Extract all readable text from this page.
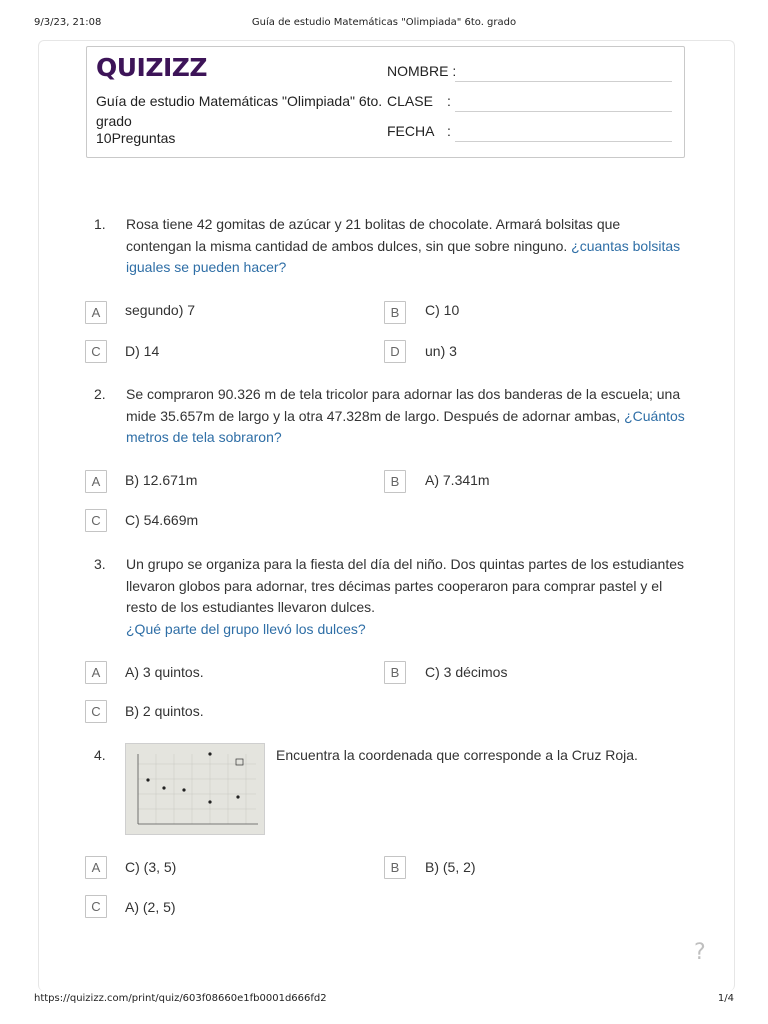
9/3/23, 21:08	Guía de estudio Matemáticas "Olimpiada" 6to. grado
QUIZIZZ
Guía de estudio Matemáticas "Olimpiada" 6to. grado
10Preguntas
NOMBRE :
CLASE :
FECHA :
1. Rosa tiene 42 gomitas de azúcar y 21 bolitas de chocolate. Armará bolsitas que contengan la misma cantidad de ambos dulces, sin que sobre ninguno. ¿cuantas bolsitas iguales se pueden hacer?
A	segundo) 7	B	C) 10
C	D) 14	D	un) 3
2. Se compraron 90.326 m de tela tricolor para adornar las dos banderas de la escuela; una mide 35.657m de largo y la otra 47.328m de largo. Después de adornar ambas, ¿Cuántos metros de tela sobraron?
A	B) 12.671m	B	A) 7.341m
C	C) 54.669m
3. Un grupo se organiza para la fiesta del día del niño. Dos quintas partes de los estudiantes llevaron globos para adornar, tres décimas partes cooperaron para comprar pastel y el resto de los estudiantes llevaron dulces.
¿Qué parte del grupo llevó los dulces?
A	A) 3 quintos.	B	C) 3 décimos
C	B) 2 quintos.
4.	Encuentra la coordenada que corresponde a la Cruz Roja.
A	C) (3, 5)	B	B) (5, 2)
C	A) (2, 5)
?
https://quizizz.com/print/quiz/603f08660e1fb0001d666fd2	1/4
